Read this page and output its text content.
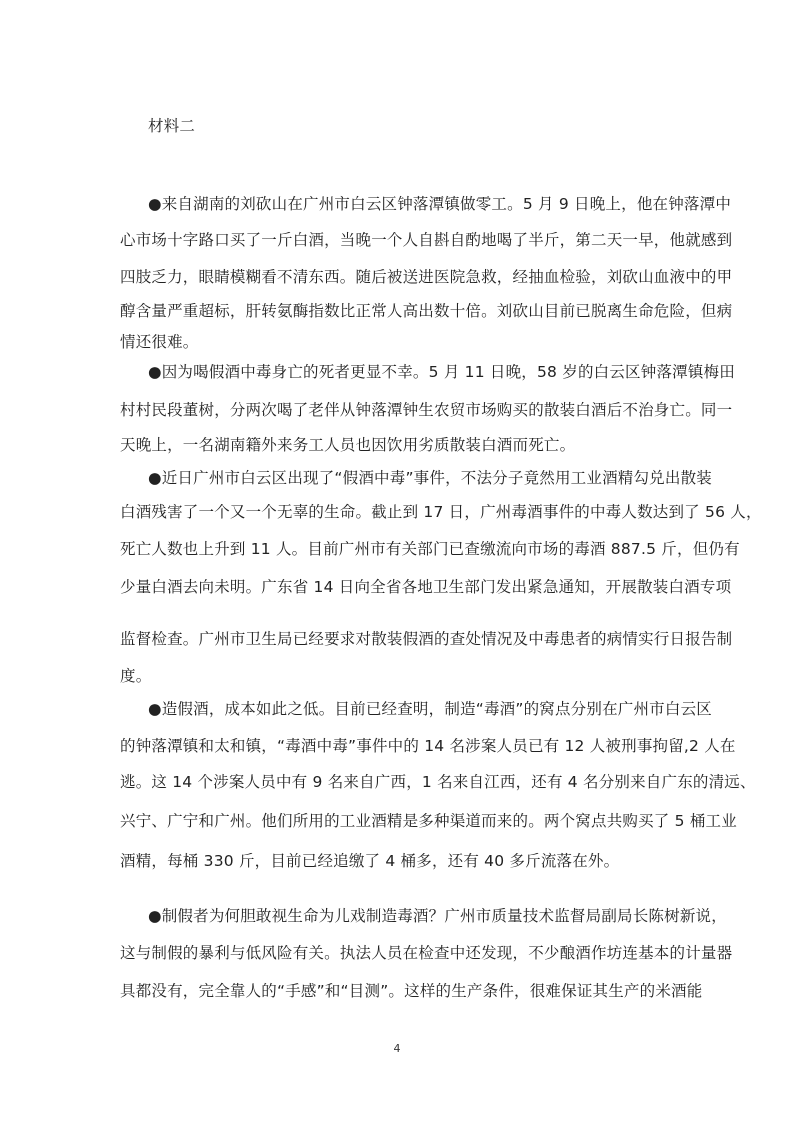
材料二
●来自湖南的刘砍山在广州市白云区钟落潭镇做零工。5 月 9 日晚上，他在钟落潭中
心市场十字路口买了一斤白酒，当晚一个人自斟自酌地喝了半斤，第二天一早，他就感到
四肢乏力，眼睛模糊看不清东西。随后被送进医院急救，经抽血检验，刘砍山血液中的甲
醇含量严重超标，肝转氨酶指数比正常人高出数十倍。刘砍山目前已脱离生命危险，但病
情还很难。
●因为喝假酒中毒身亡的死者更显不幸。5 月 11 日晚，58 岁的白云区钟落潭镇梅田
村村民段董树，分两次喝了老伴从钟落潭钟生农贸市场购买的散装白酒后不治身亡。同一
天晚上，一名湖南籍外来务工人员也因饮用劣质散装白酒而死亡。
●近日广州市白云区出现了“假酒中毒”事件，不法分子竟然用工业酒精勾兑出散装
白酒残害了一个又一个无辜的生命。截止到 17 日，广州毒酒事件的中毒人数达到了 56 人，
死亡人数也上升到 11 人。目前广州市有关部门已查缴流向市场的毒酒 887.5 斤，但仍有
少量白酒去向未明。广东省 14 日向全省各地卫生部门发出紧急通知，开展散装白酒专项
监督检查。广州市卫生局已经要求对散装假酒的查处情况及中毒患者的病情实行日报告制
度。
●造假酒，成本如此之低。目前已经查明，制造“毒酒”的窝点分别在广州市白云区
的钟落潭镇和太和镇，“毒酒中毒”事件中的 14 名涉案人员已有 12 人被刑事拘留,2 人在
逃。这 14 个涉案人员中有 9 名来自广西，1 名来自江西，还有 4 名分别来自广东的清远、
兴宁、广宁和广州。他们所用的工业酒精是多种渠道而来的。两个窝点共购买了 5 桶工业
酒精，每桶 330 斤，目前已经追缴了 4 桶多，还有 40 多斤流落在外。
●制假者为何胆敢视生命为儿戏制造毒酒？广州市质量技术监督局副局长陈树新说，
这与制假的暴利与低风险有关。执法人员在检查中还发现，不少酿酒作坊连基本的计量器
具都没有，完全靠人的“手感”和“目测”。这样的生产条件，很难保证其生产的米酒能
4
